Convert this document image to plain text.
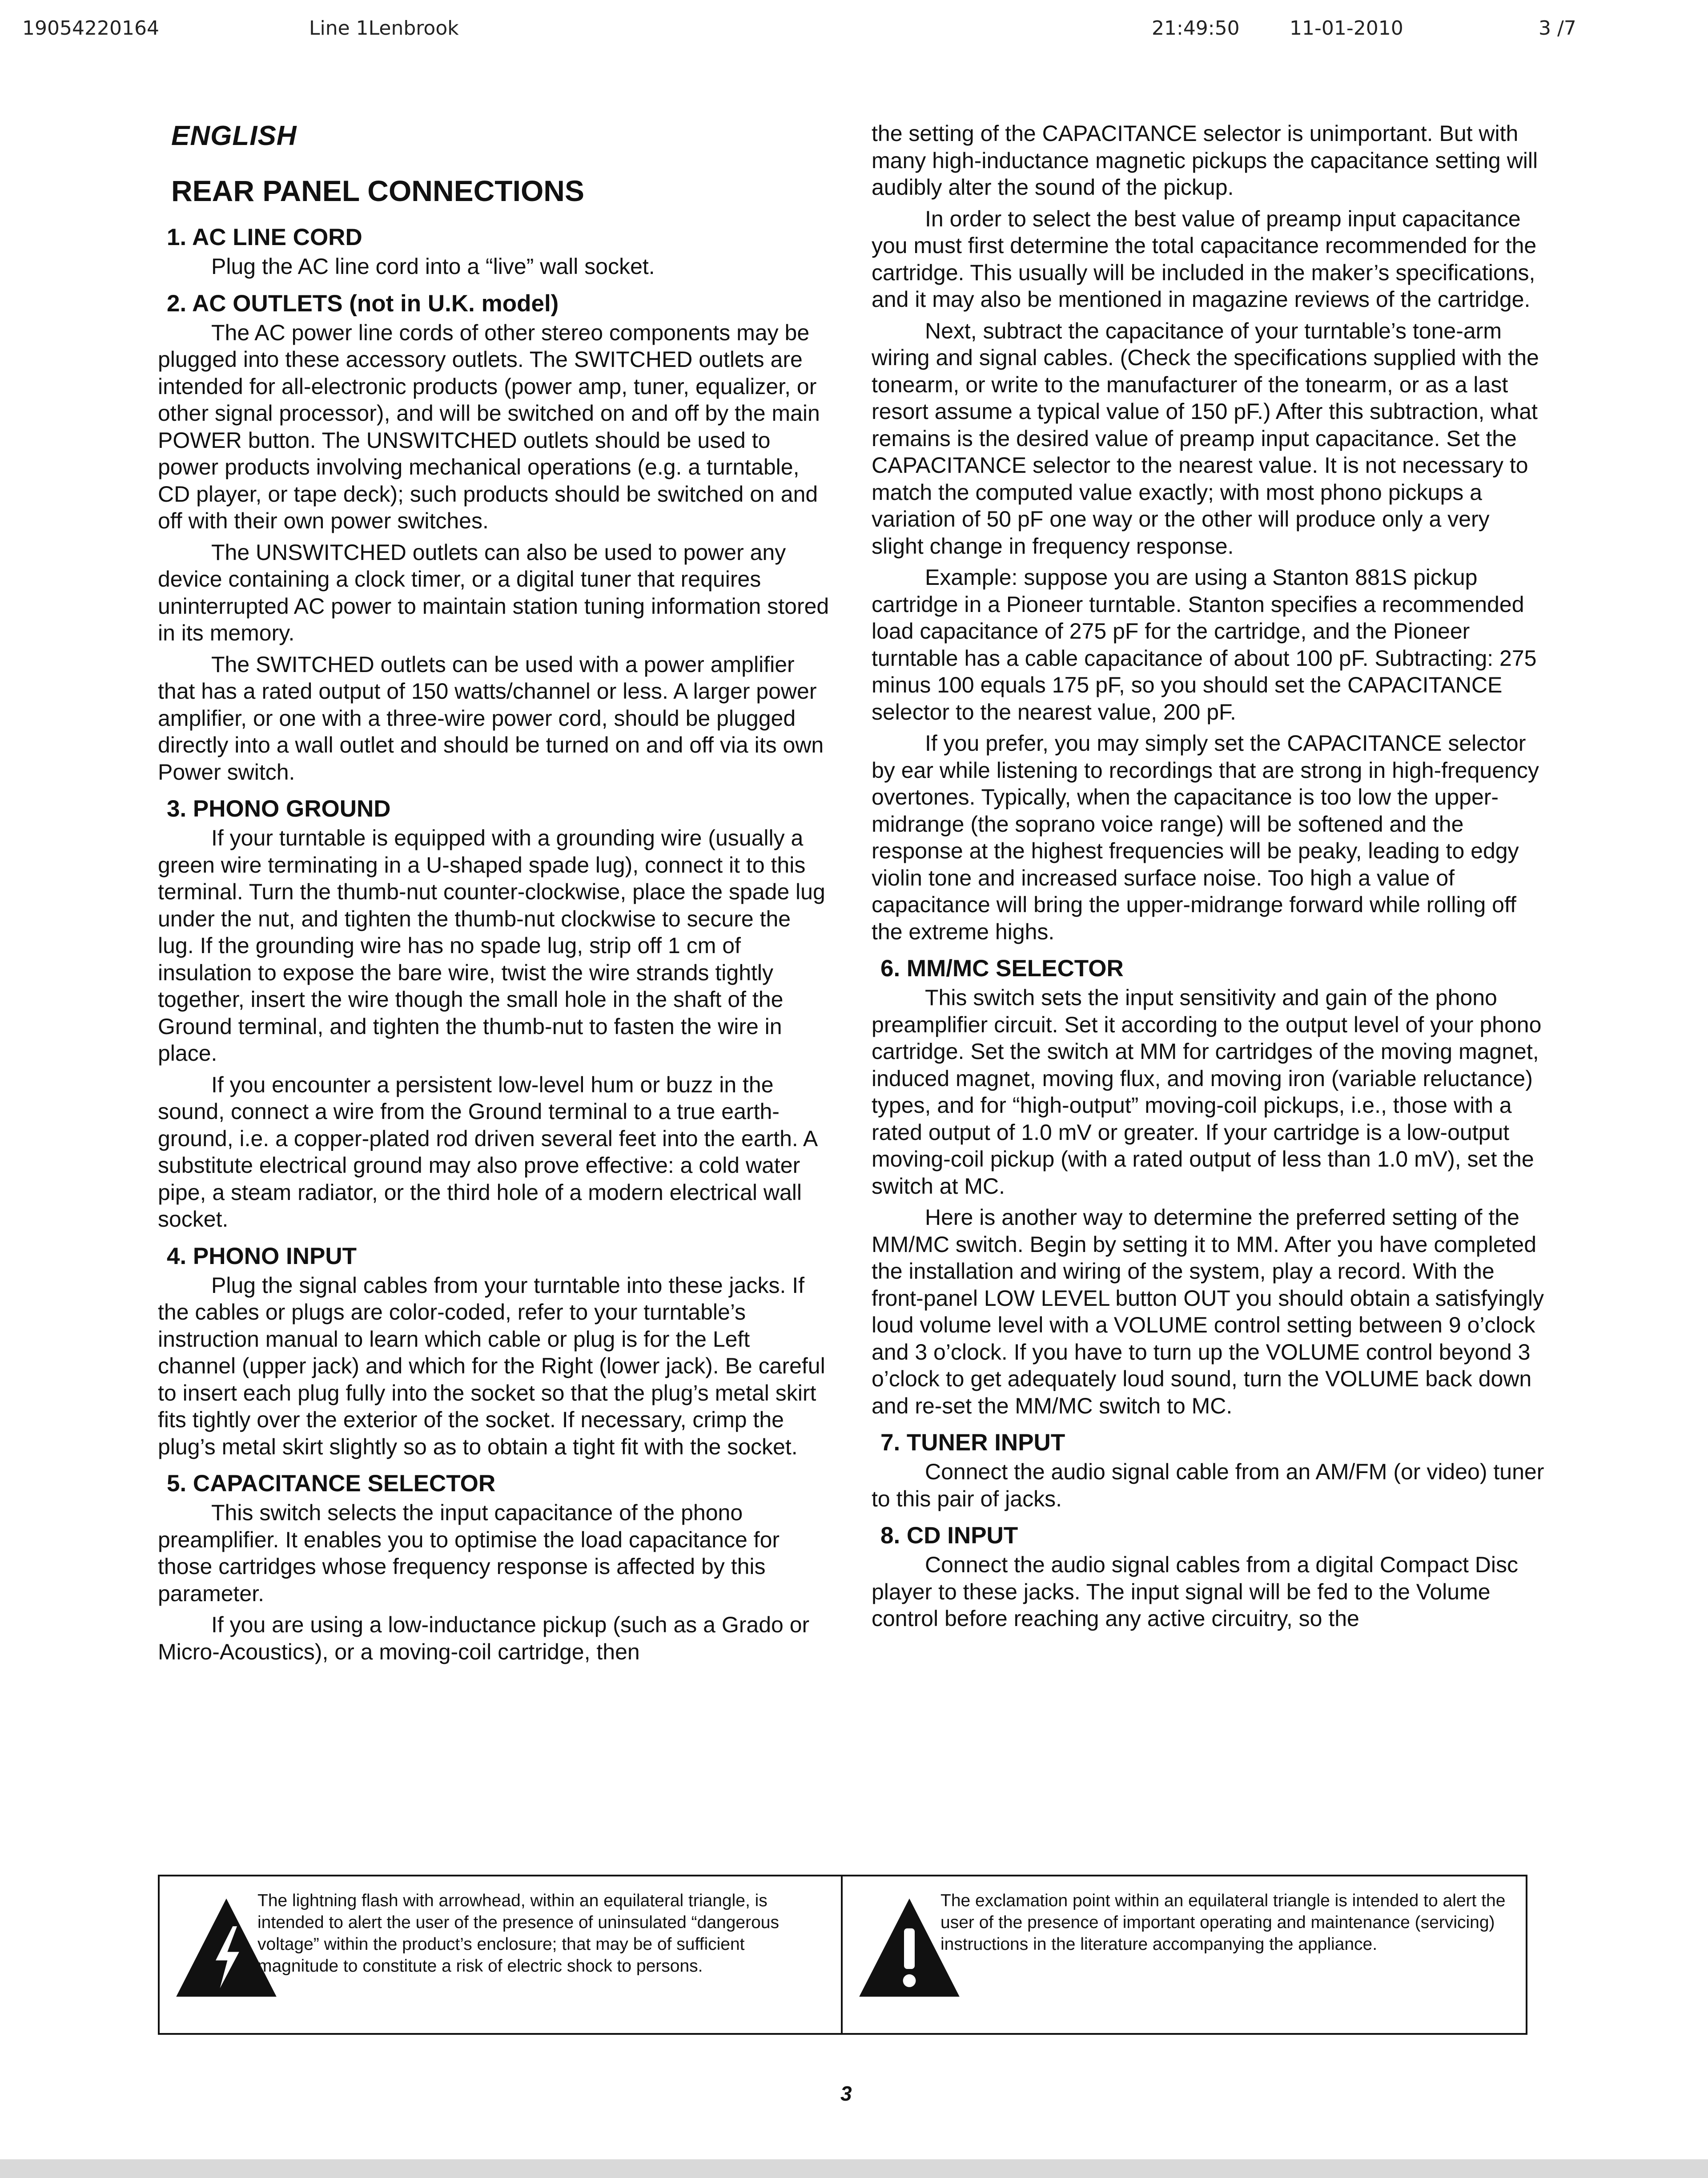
19054220164	Line 1Lenbrook	21:49:50	11-01-2010	3 /7
ENGLISH
REAR PANEL CONNECTIONS
1. AC LINE CORD

Plug the AC line cord into a “live” wall socket.

2. AC OUTLETS (not in U.K. model)

The AC power line cords of other stereo components may be plugged into these accessory outlets. The SWITCHED outlets are intended for all-electronic products (power amp, tuner, equalizer, or other signal processor), and will be switched on and off by the main POWER button. The UNSWITCHED outlets should be used to power products involving mechanical operations (e.g. a turntable, CD player, or tape deck); such products should be switched on and off with their own power switches.

The UNSWITCHED outlets can also be used to power any device containing a clock timer, or a digital tuner that requires uninterrupted AC power to maintain station tuning information stored in its memory.

The SWITCHED outlets can be used with a power amplifier that has a rated output of 150 watts/channel or less. A larger power amplifier, or one with a three-wire power cord, should be plugged directly into a wall outlet and should be turned on and off via its own Power switch.

3. PHONO GROUND

If your turntable is equipped with a grounding wire (usually a green wire terminating in a U-shaped spade lug), connect it to this terminal. Turn the thumb-nut counter-clockwise, place the spade lug under the nut, and tighten the thumb-nut clockwise to secure the lug. If the grounding wire has no spade lug, strip off 1 cm of insulation to expose the bare wire, twist the wire strands tightly together, insert the wire though the small hole in the shaft of the Ground terminal, and tighten the thumb-nut to fasten the wire in place.

If you encounter a persistent low-level hum or buzz in the sound, connect a wire from the Ground terminal to a true earth-ground, i.e. a copper-plated rod driven several feet into the earth. A substitute electrical ground may also prove effective: a cold water pipe, a steam radiator, or the third hole of a modern electrical wall socket.

4. PHONO INPUT

Plug the signal cables from your turntable into these jacks. If the cables or plugs are color-coded, refer to your turntable’s instruction manual to learn which cable or plug is for the Left channel (upper jack) and which for the Right (lower jack). Be careful to insert each plug fully into the socket so that the plug’s metal skirt fits tightly over the exterior of the socket. If necessary, crimp the plug’s metal skirt slightly so as to obtain a tight fit with the socket.

5. CAPACITANCE SELECTOR

This switch selects the input capacitance of the phono preamplifier. It enables you to optimise the load capacitance for those cartridges whose frequency response is affected by this parameter.

If you are using a low-inductance pickup (such as a Grado or Micro-Acoustics), or a moving-coil cartridge, then

the setting of the CAPACITANCE selector is unimportant. But with many high-inductance magnetic pickups the capacitance setting will audibly alter the sound of the pickup.

In order to select the best value of preamp input capacitance you must first determine the total capacitance recommended for the cartridge. This usually will be included in the maker’s specifications, and it may also be mentioned in magazine reviews of the cartridge.

Next, subtract the capacitance of your turntable’s tone-arm wiring and signal cables. (Check the specifications supplied with the tonearm, or write to the manufacturer of the tonearm, or as a last resort assume a typical value of 150 pF.) After this subtraction, what remains is the desired value of preamp input capacitance. Set the CAPACITANCE selector to the nearest value. It is not necessary to match the computed value exactly; with most phono pickups a variation of 50 pF one way or the other will produce only a very slight change in frequency response.

Example: suppose you are using a Stanton 881S pickup cartridge in a Pioneer turntable. Stanton specifies a recommended load capacitance of 275 pF for the cartridge, and the Pioneer turntable has a cable capacitance of about 100 pF. Subtracting: 275 minus 100 equals 175 pF, so you should set the CAPACITANCE selector to the nearest value, 200 pF.

If you prefer, you may simply set the CAPACITANCE selector by ear while listening to recordings that are strong in high-frequency overtones. Typically, when the capacitance is too low the upper-midrange (the soprano voice range) will be softened and the response at the highest frequencies will be peaky, leading to edgy violin tone and increased surface noise. Too high a value of capacitance will bring the upper-midrange forward while rolling off the extreme highs.

6. MM/MC SELECTOR

This switch sets the input sensitivity and gain of the phono preamplifier circuit. Set it according to the output level of your phono cartridge. Set the switch at MM for cartridges of the moving magnet, induced magnet, moving flux, and moving iron (variable reluctance) types, and for “high-output” moving-coil pickups, i.e., those with a rated output of 1.0 mV or greater. If your cartridge is a low-output moving-coil pickup (with a rated output of less than 1.0 mV), set the switch at MC.

Here is another way to determine the preferred setting of the MM/MC switch. Begin by setting it to MM. After you have completed the installation and wiring of the system, play a record. With the front-panel LOW LEVEL button OUT you should obtain a satisfyingly loud volume level with a VOLUME control setting between 9 o’clock and 3 o’clock. If you have to turn up the VOLUME control beyond 3 o’clock to get adequately loud sound, turn the VOLUME back down and re-set the MM/MC switch to MC.

7. TUNER INPUT

Connect the audio signal cable from an AM/FM (or video) tuner to this pair of jacks.

8. CD INPUT

Connect the audio signal cables from a digital Compact Disc player to these jacks. The input signal will be fed to the Volume control before reaching any active circuitry, so the

The lightning flash with arrowhead, within an equilateral triangle, is intended to alert the user of the presence of uninsulated “dangerous voltage” within the product’s enclosure; that may be of sufficient magnitude to constitute a risk of electric shock to persons.
The exclamation point within an equilateral triangle is intended to alert the user of the presence of important operating and maintenance (servicing) instructions in the literature accompanying the appliance.
3
